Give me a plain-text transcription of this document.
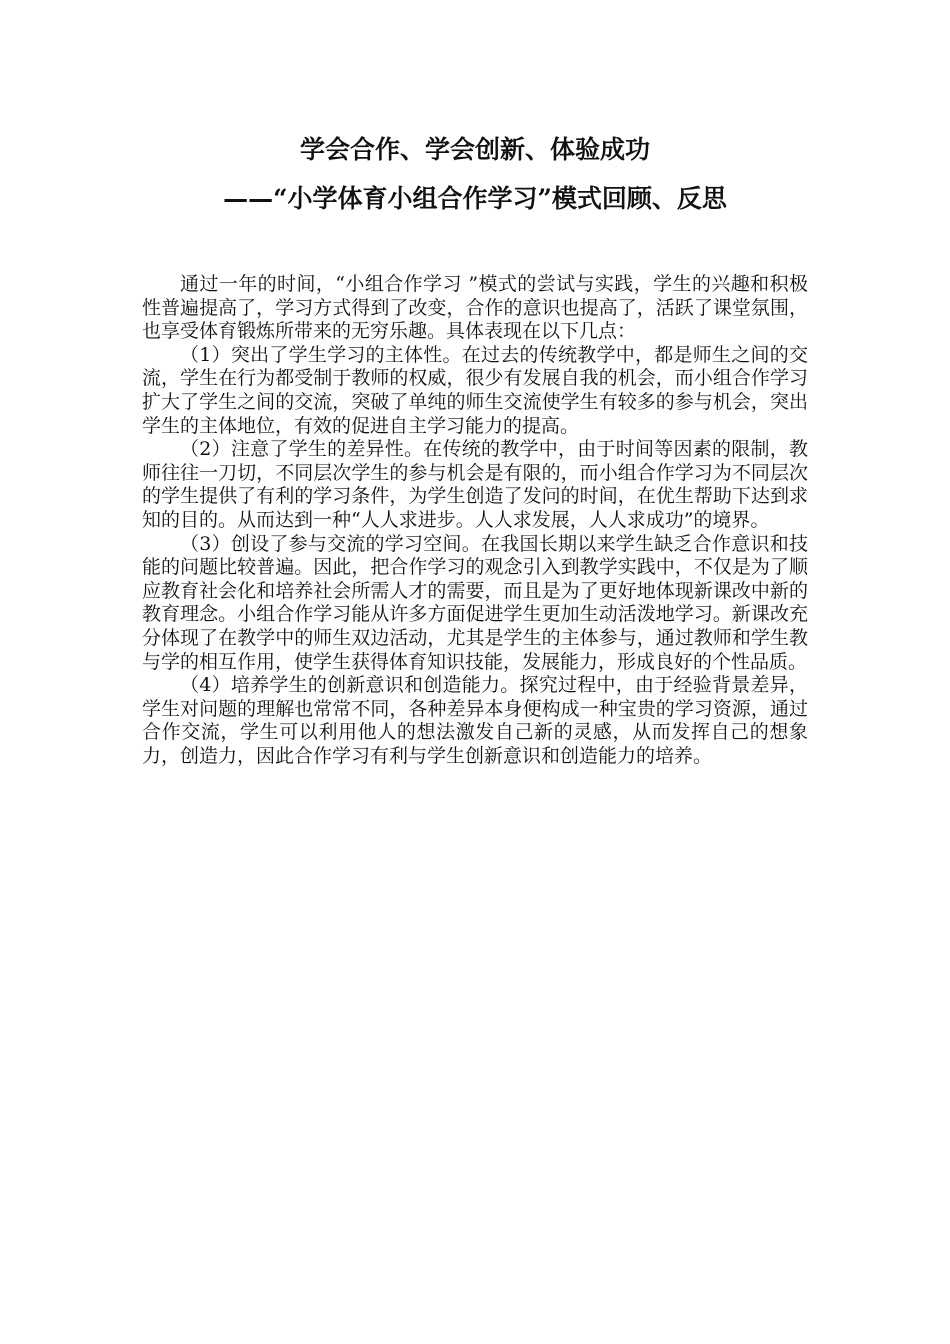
学会合作、学会创新、体验成功
——“小学体育小组合作学习”模式回顾、反思

通过一年的时间，“小组合作学习 ”模式的尝试与实践，学生的兴趣和积极性普遍提高了，学习方式得到了改变，合作的意识也提高了，活跃了课堂氛围，也享受体育锻炼所带来的无穷乐趣。具体表现在以下几点：

（1）突出了学生学习的主体性。在过去的传统教学中，都是师生之间的交流，学生在行为都受制于教师的权威，很少有发展自我的机会，而小组合作学习扩大了学生之间的交流，突破了单纯的师生交流使学生有较多的参与机会，突出学生的主体地位，有效的促进自主学习能力的提高。

（2）注意了学生的差异性。在传统的教学中，由于时间等因素的限制，教师往往一刀切，不同层次学生的参与机会是有限的，而小组合作学习为不同层次的学生提供了有利的学习条件，为学生创造了发问的时间，在优生帮助下达到求知的目的。从而达到一种“人人求进步。人人求发展，人人求成功”的境界。

（3）创设了参与交流的学习空间。在我国长期以来学生缺乏合作意识和技能的问题比较普遍。因此，把合作学习的观念引入到教学实践中，不仅是为了顺应教育社会化和培养社会所需人才的需要，而且是为了更好地体现新课改中新的教育理念。小组合作学习能从许多方面促进学生更加生动活泼地学习。新课改充分体现了在教学中的师生双边活动，尤其是学生的主体参与，通过教师和学生教与学的相互作用，使学生获得体育知识技能，发展能力，形成良好的个性品质。

（4）培养学生的创新意识和创造能力。探究过程中，由于经验背景差异，学生对问题的理解也常常不同，各种差异本身便构成一种宝贵的学习资源，通过合作交流，学生可以利用他人的想法激发自己新的灵感，从而发挥自己的想象力，创造力，因此合作学习有利与学生创新意识和创造能力的培养。
